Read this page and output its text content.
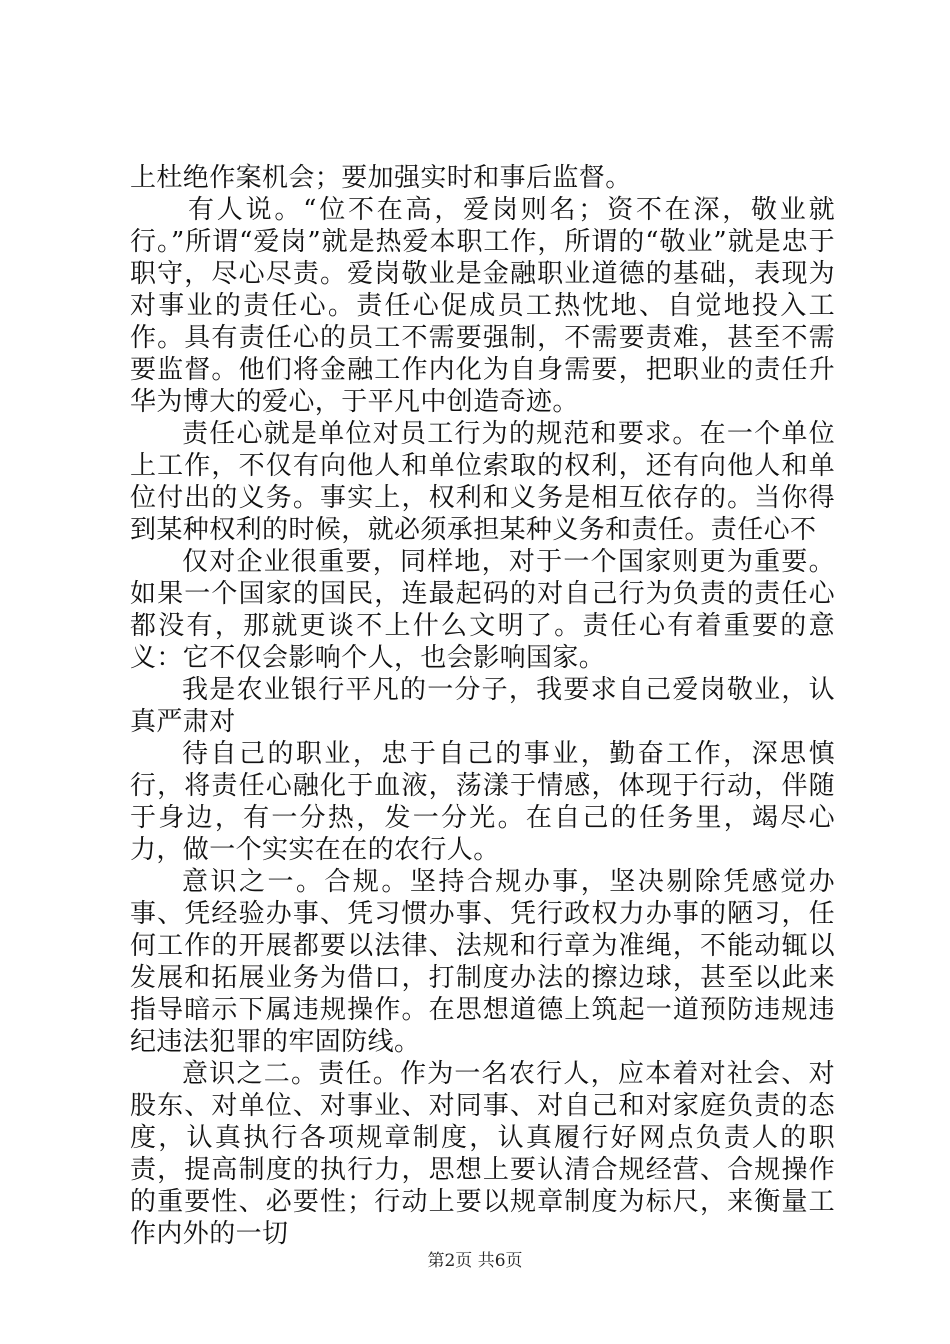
上杜绝作案机会；要加强实时和事后监督。

有人说。“位不在高，爱岗则名；资不在深，敬业就行。”所谓“爱岗”就是热爱本职工作，所谓的“敬业”就是忠于职守，尽心尽责。爱岗敬业是金融职业道德的基础，表现为对事业的责任心。责任心促成员工热忱地、自觉地投入工作。具有责任心的员工不需要强制，不需要责难，甚至不需要监督。他们将金融工作内化为自身需要，把职业的责任升华为博大的爱心，于平凡中创造奇迹。

责任心就是单位对员工行为的规范和要求。在一个单位上工作，不仅有向他人和单位索取的权利，还有向他人和单位付出的义务。事实上，权利和义务是相互依存的。当你得到某种权利的时候，就必须承担某种义务和责任。责任心不

仅对企业很重要，同样地，对于一个国家则更为重要。如果一个国家的国民，连最起码的对自己行为负责的责任心都没有，那就更谈不上什么文明了。责任心有着重要的意义：它不仅会影响个人，也会影响国家。

我是农业银行平凡的一分子，我要求自己爱岗敬业，认真严肃对

待自己的职业，忠于自己的事业，勤奋工作，深思慎行，将责任心融化于血液，荡漾于情感，体现于行动，伴随于身边，有一分热，发一分光。在自己的任务里，竭尽心力，做一个实实在在的农行人。

意识之一。合规。坚持合规办事，坚决剔除凭感觉办事、凭经验办事、凭习惯办事、凭行政权力办事的陋习，任何工作的开展都要以法律、法规和行章为准绳，不能动辄以发展和拓展业务为借口，打制度办法的擦边球，甚至以此来指导暗示下属违规操作。在思想道德上筑起一道预防违规违纪违法犯罪的牢固防线。

意识之二。责任。作为一名农行人，应本着对社会、对股东、对单位、对事业、对同事、对自己和对家庭负责的态度，认真执行各项规章制度，认真履行好网点负责人的职责，提高制度的执行力，思想上要认清合规经营、合规操作的重要性、必要性；行动上要以规章制度为标尺，来衡量工作内外的一切

第2页 共6页
